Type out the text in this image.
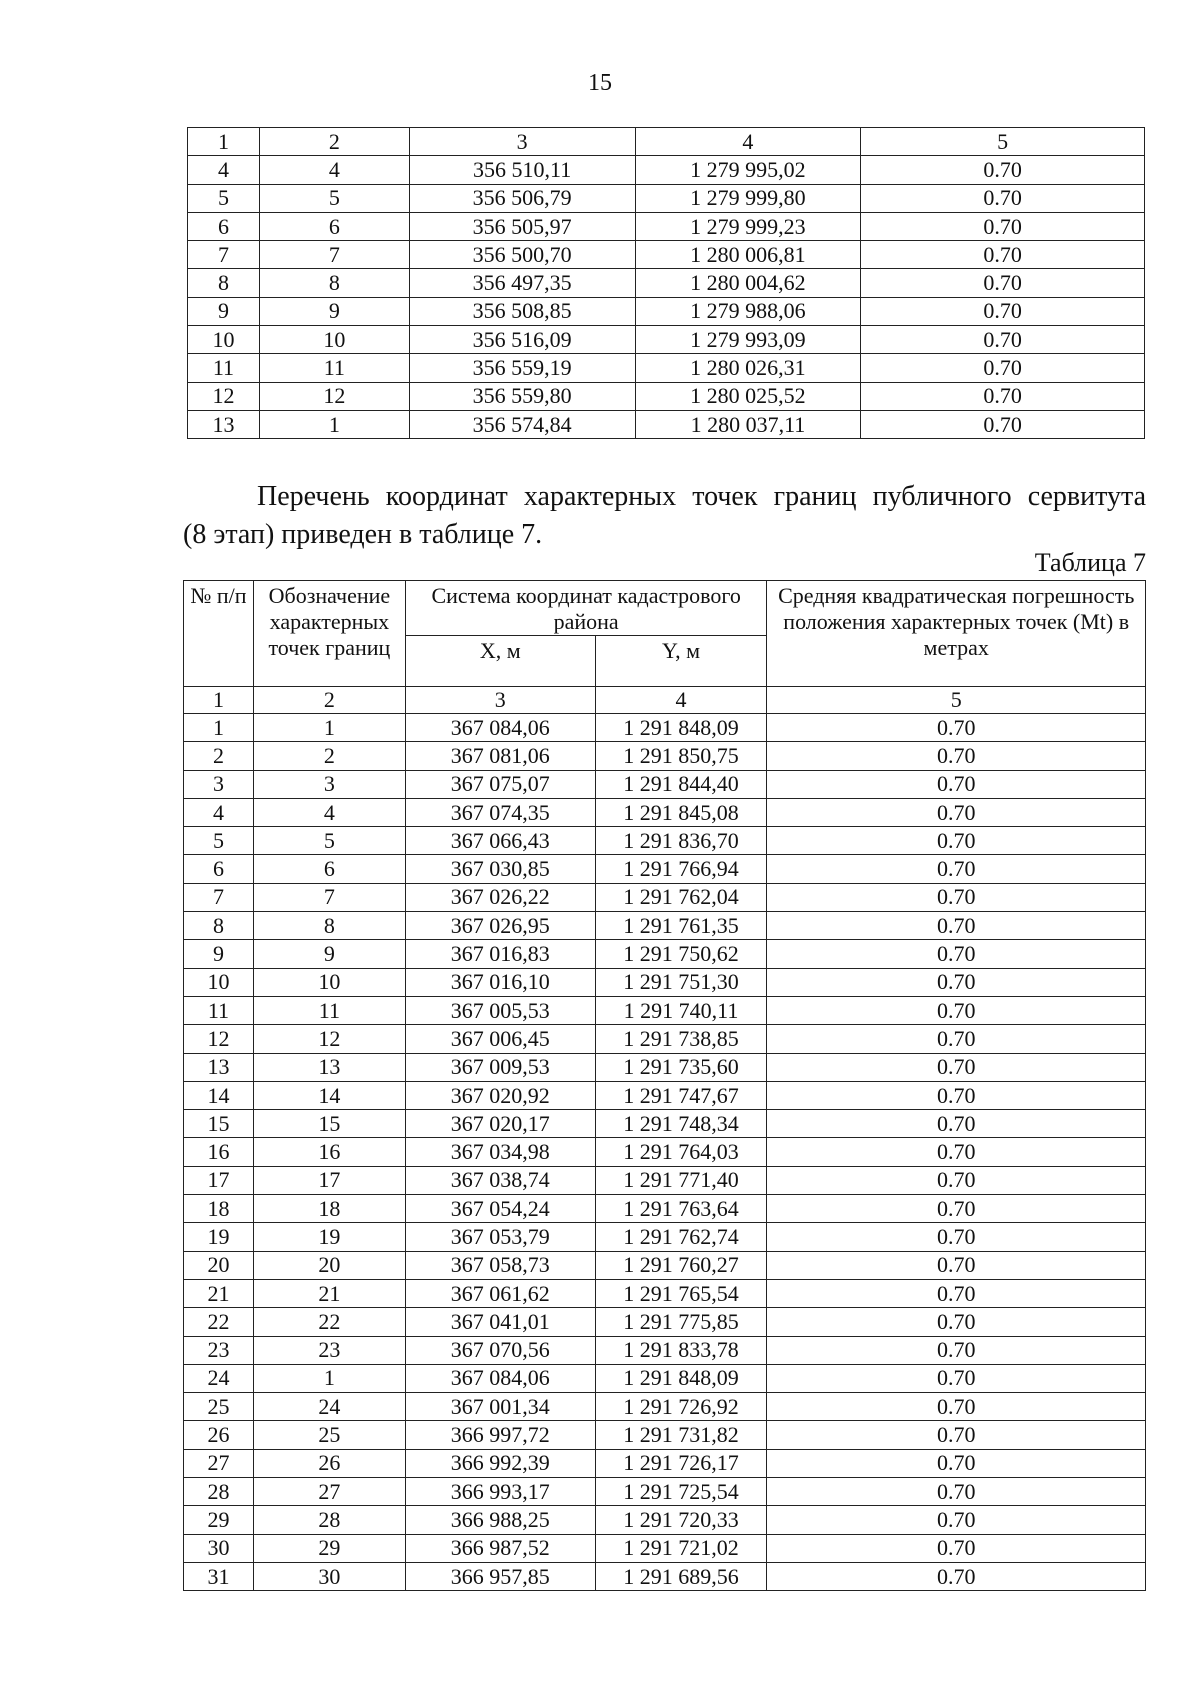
15
1	2	3	4	5
4	4	356 510,11	1 279 995,02	0.70
5	5	356 506,79	1 279 999,80	0.70
6	6	356 505,97	1 279 999,23	0.70
7	7	356 500,70	1 280 006,81	0.70
8	8	356 497,35	1 280 004,62	0.70
9	9	356 508,85	1 279 988,06	0.70
10	10	356 516,09	1 279 993,09	0.70
11	11	356 559,19	1 280 026,31	0.70
12	12	356 559,80	1 280 025,52	0.70
13	1	356 574,84	1 280 037,11	0.70
Перечень координат характерных точек границ публичного сервитута
(8 этап) приведен в таблице 7.
Таблица 7
№ п/п	Обозначение характерных точек границ	Система координат кадастрового района		Средняя квадратическая погрешность положения характерных точек (Mt) в метрах
		X, м	Y, м	
1	2	3	4	5
1	1	367 084,06	1 291 848,09	0.70
2	2	367 081,06	1 291 850,75	0.70
3	3	367 075,07	1 291 844,40	0.70
4	4	367 074,35	1 291 845,08	0.70
5	5	367 066,43	1 291 836,70	0.70
6	6	367 030,85	1 291 766,94	0.70
7	7	367 026,22	1 291 762,04	0.70
8	8	367 026,95	1 291 761,35	0.70
9	9	367 016,83	1 291 750,62	0.70
10	10	367 016,10	1 291 751,30	0.70
11	11	367 005,53	1 291 740,11	0.70
12	12	367 006,45	1 291 738,85	0.70
13	13	367 009,53	1 291 735,60	0.70
14	14	367 020,92	1 291 747,67	0.70
15	15	367 020,17	1 291 748,34	0.70
16	16	367 034,98	1 291 764,03	0.70
17	17	367 038,74	1 291 771,40	0.70
18	18	367 054,24	1 291 763,64	0.70
19	19	367 053,79	1 291 762,74	0.70
20	20	367 058,73	1 291 760,27	0.70
21	21	367 061,62	1 291 765,54	0.70
22	22	367 041,01	1 291 775,85	0.70
23	23	367 070,56	1 291 833,78	0.70
24	1	367 084,06	1 291 848,09	0.70
25	24	367 001,34	1 291 726,92	0.70
26	25	366 997,72	1 291 731,82	0.70
27	26	366 992,39	1 291 726,17	0.70
28	27	366 993,17	1 291 725,54	0.70
29	28	366 988,25	1 291 720,33	0.70
30	29	366 987,52	1 291 721,02	0.70
31	30	366 957,85	1 291 689,56	0.70
